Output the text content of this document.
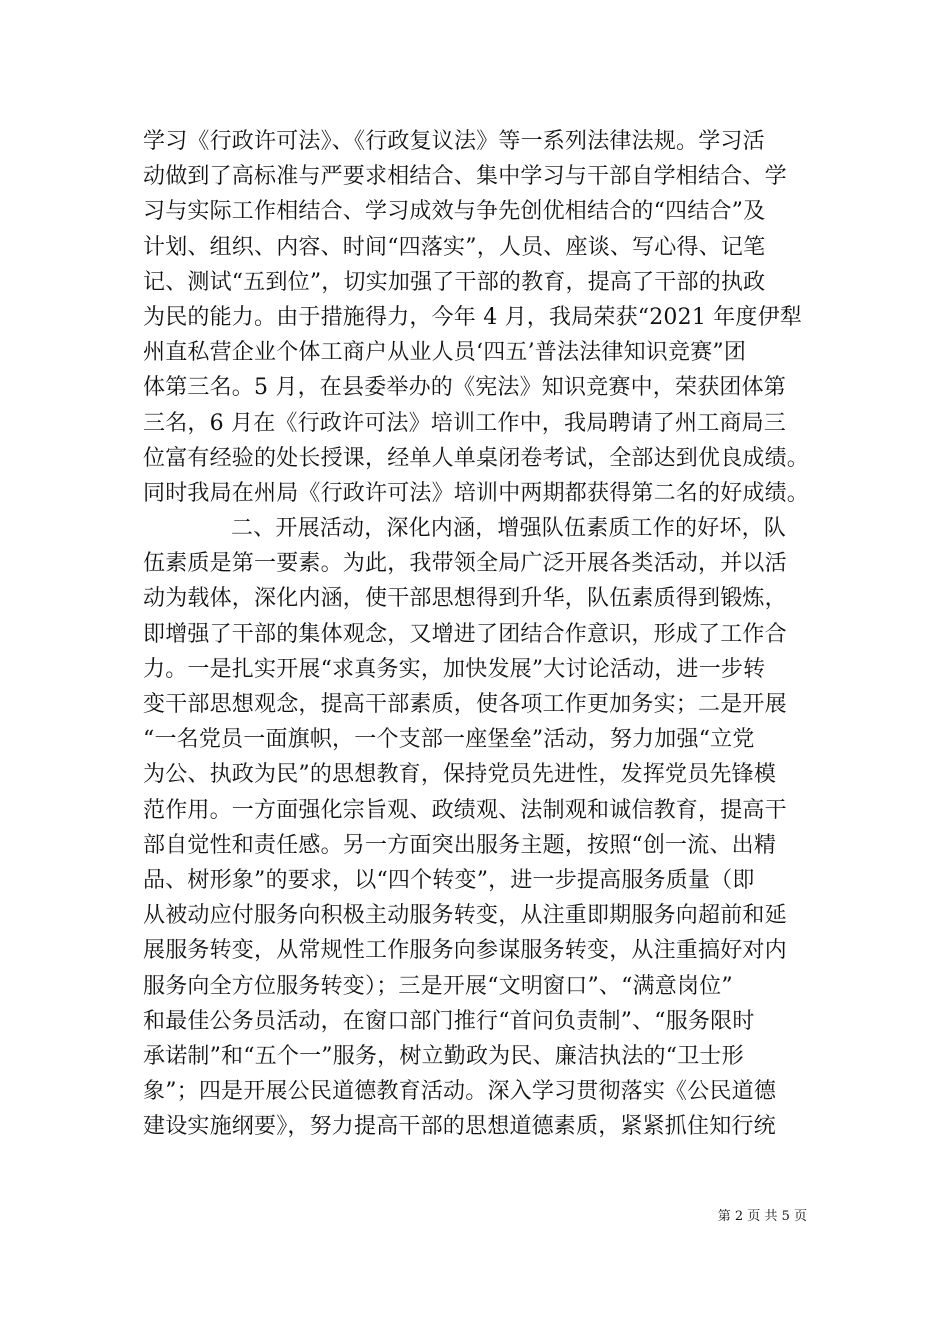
学习《行政许可法》、《行政复议法》等一系列法律法规。学习活
动做到了高标准与严要求相结合、集中学习与干部自学相结合、学
习与实际工作相结合、学习成效与争先创优相结合的“四结合”及
计划、组织、内容、时间“四落实”，人员、座谈、写心得、记笔
记、测试“五到位”，切实加强了干部的教育，提高了干部的执政
为民的能力。由于措施得力，今年 4 月，我局荣获“2021 年度伊犁
州直私营企业个体工商户从业人员‘四五’普法法律知识竞赛”团
体第三名。5 月，在县委举办的《宪法》知识竞赛中，荣获团体第
三名，6 月在《行政许可法》培训工作中，我局聘请了州工商局三
位富有经验的处长授课，经单人单桌闭卷考试，全部达到优良成绩。
同时我局在州局《行政许可法》培训中两期都获得第二名的好成绩。
二、开展活动，深化内涵，增强队伍素质工作的好坏，队
伍素质是第一要素。为此，我带领全局广泛开展各类活动，并以活
动为载体，深化内涵，使干部思想得到升华，队伍素质得到锻炼，
即增强了干部的集体观念，又增进了团结合作意识，形成了工作合
力。一是扎实开展“求真务实，加快发展”大讨论活动，进一步转
变干部思想观念，提高干部素质，使各项工作更加务实；二是开展
“一名党员一面旗帜，一个支部一座堡垒”活动，努力加强“立党
为公、执政为民”的思想教育，保持党员先进性，发挥党员先锋模
范作用。一方面强化宗旨观、政绩观、法制观和诚信教育，提高干
部自觉性和责任感。另一方面突出服务主题，按照“创一流、出精
品、树形象”的要求，以“四个转变”，进一步提高服务质量（即
从被动应付服务向积极主动服务转变，从注重即期服务向超前和延
展服务转变，从常规性工作服务向参谋服务转变，从注重搞好对内
服务向全方位服务转变）；三是开展“文明窗口”、“满意岗位”
和最佳公务员活动，在窗口部门推行“首问负责制”、“服务限时
承诺制”和“五个一”服务，树立勤政为民、廉洁执法的“卫士形
象”；四是开展公民道德教育活动。深入学习贯彻落实《公民道德
建设实施纲要》，努力提高干部的思想道德素质，紧紧抓住知行统
第 2 页 共 5 页
